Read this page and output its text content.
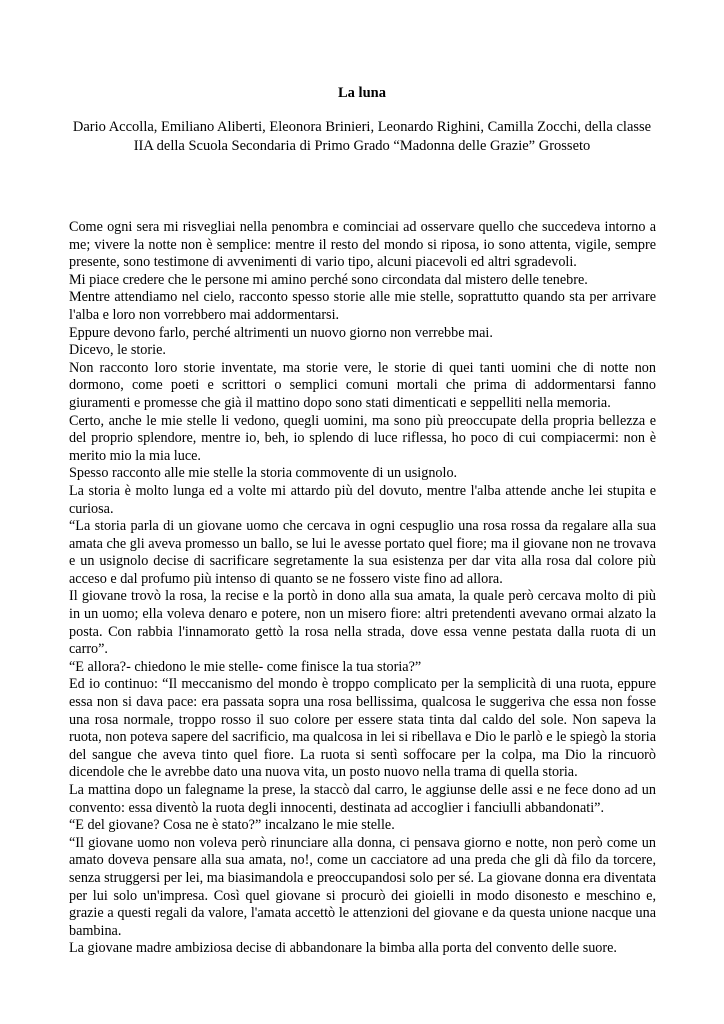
La luna

Dario Accolla, Emiliano Aliberti, Eleonora Brinieri, Leonardo Righini, Camilla Zocchi, della classe IIA della Scuola Secondaria di Primo Grado “Madonna delle Grazie” Grosseto

Come ogni sera mi risvegliai nella penombra e cominciai ad osservare quello che succedeva intorno a me; vivere la notte non è semplice: mentre il resto del mondo si riposa, io sono attenta, vigile, sempre presente, sono testimone di avvenimenti di vario tipo, alcuni piacevoli ed altri sgradevoli.

Mi piace credere che le persone mi amino perché sono circondata dal mistero delle tenebre.

Mentre attendiamo nel cielo, racconto spesso storie alle mie stelle, soprattutto quando sta per arrivare l'alba e loro non vorrebbero mai addormentarsi.

Eppure devono farlo, perché altrimenti un nuovo giorno non verrebbe mai.

Dicevo, le storie.

Non racconto loro storie inventate, ma storie vere, le storie di quei tanti uomini che di notte non dormono, come poeti e scrittori o semplici comuni mortali che prima di addormentarsi fanno giuramenti e promesse che già il mattino dopo sono stati dimenticati e seppelliti nella memoria.

Certo, anche le mie stelle li vedono, quegli uomini, ma sono più preoccupate della propria bellezza e del proprio splendore, mentre io, beh, io splendo di luce riflessa, ho poco di cui compiacermi: non è merito mio la mia luce.

Spesso racconto alle mie stelle la storia commovente di un usignolo.

La storia è molto lunga ed a volte mi attardo più del dovuto, mentre l'alba attende anche lei stupita e curiosa.

“La storia parla di un giovane uomo che cercava in ogni cespuglio una rosa rossa da regalare alla sua amata che gli aveva promesso un ballo, se lui le avesse portato quel fiore; ma il giovane non ne trovava e un usignolo decise di sacrificare segretamente la sua esistenza per dar vita alla rosa dal colore più acceso e dal profumo più intenso di quanto se ne fossero viste fino ad allora.

Il giovane trovò la rosa, la recise e la portò in dono alla sua amata, la quale però cercava molto di più in un uomo; ella voleva denaro e potere, non un misero fiore: altri pretendenti avevano ormai alzato la posta. Con rabbia l'innamorato gettò la rosa nella strada, dove essa venne pestata dalla ruota di un carro”.

“E allora?- chiedono le mie stelle- come finisce la tua storia?”

Ed io continuo: “Il meccanismo del mondo è troppo complicato per la semplicità di una ruota, eppure essa non si dava pace: era passata sopra una rosa bellissima, qualcosa le suggeriva che essa non fosse una rosa normale, troppo rosso il suo colore per essere stata tinta dal caldo del sole. Non sapeva la ruota, non poteva sapere del sacrificio, ma qualcosa in lei si ribellava e Dio le parlò e le spiegò la storia del sangue che aveva tinto quel fiore. La ruota si sentì soffocare per la colpa, ma Dio la rincuorò dicendole che le avrebbe dato una nuova vita, un posto nuovo nella trama di quella storia.

La mattina dopo un falegname la prese, la staccò dal carro, le aggiunse delle assi e ne fece dono ad un convento: essa diventò la ruota degli innocenti, destinata ad accoglier i fanciulli abbandonati”.

“E del giovane? Cosa ne è stato?” incalzano le mie stelle.

“Il giovane uomo non voleva però rinunciare alla donna, ci pensava giorno e notte, non però come un amato doveva pensare alla sua amata, no!, come un cacciatore ad una preda che gli dà filo da torcere, senza struggersi per lei, ma biasimandola e preoccupandosi solo per sé. La giovane donna era diventata per lui solo un'impresa. Così quel giovane si procurò dei gioielli in modo disonesto e meschino e, grazie a questi regali da valore, l'amata accettò le attenzioni del giovane e da questa unione nacque una bambina.

La giovane madre ambiziosa decise di abbandonare la bimba alla porta del convento delle suore.
